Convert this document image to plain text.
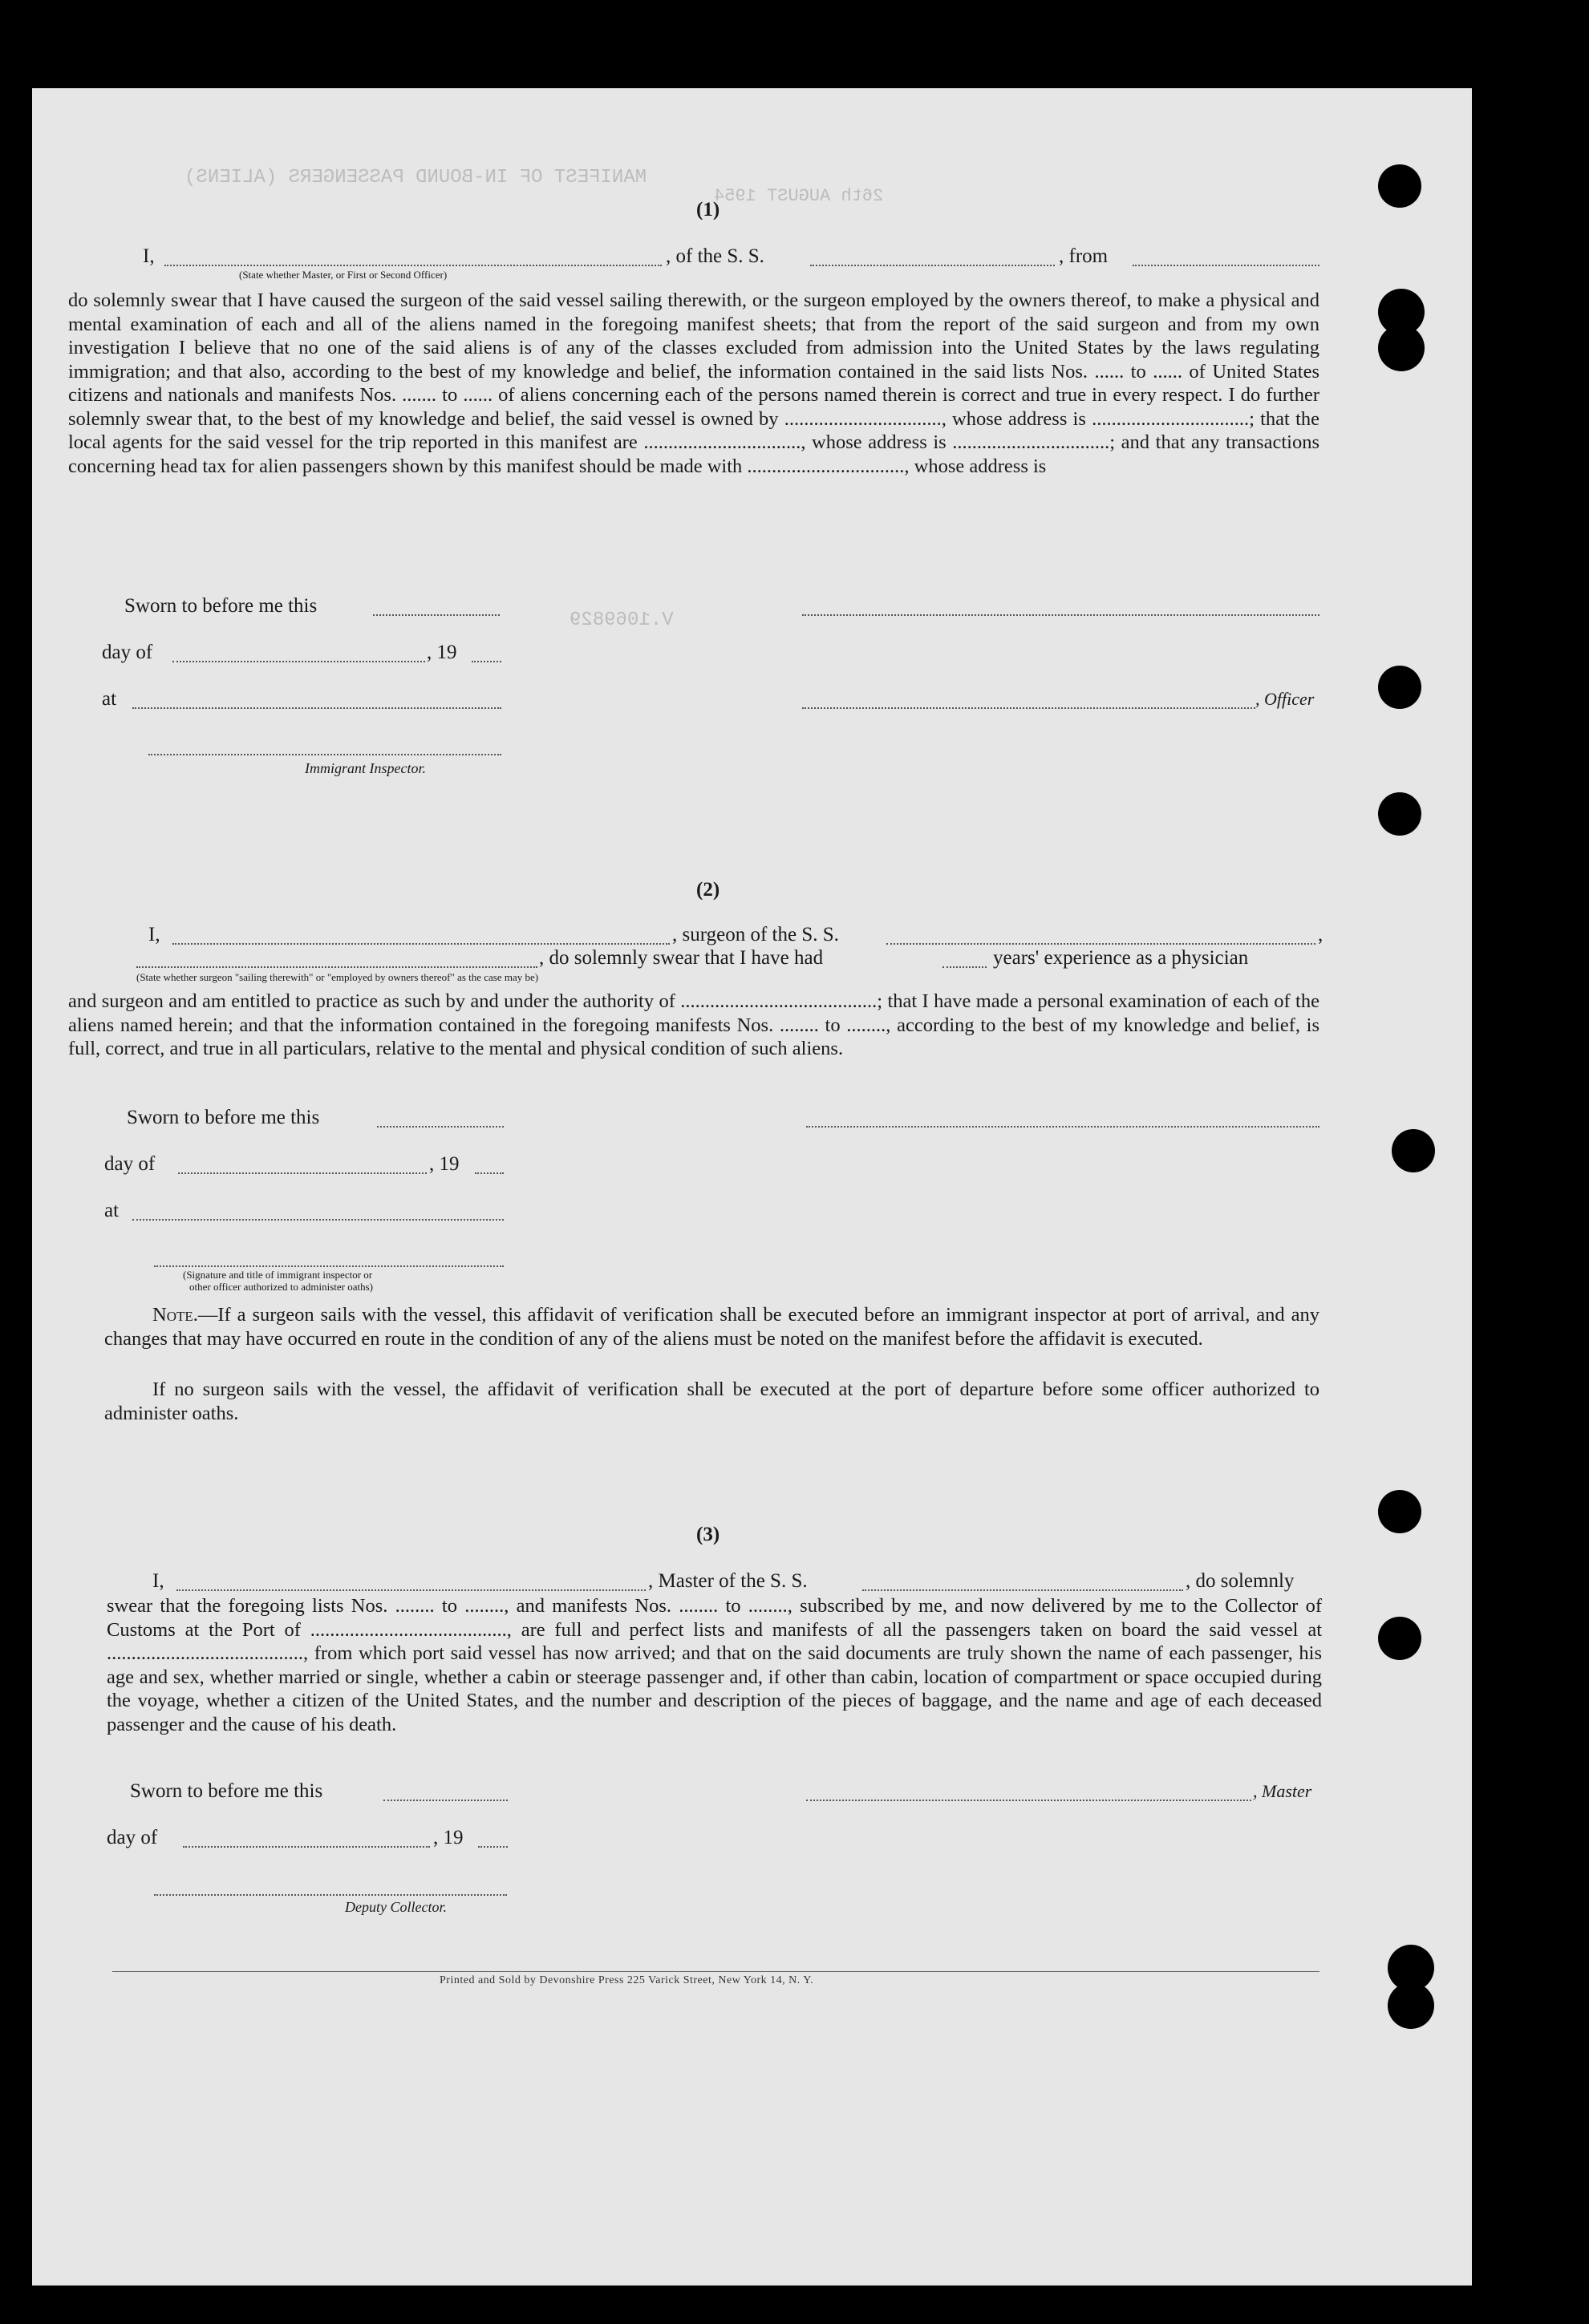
MANIFEST OF IN-BOUND PASSENGERS (ALIENS)
26th AUGUST 1954
V.1069829
(1)
I,	, of the S. S.	, from
(State whether Master, or First or Second Officer)
do solemnly swear that I have caused the surgeon of the said vessel sailing therewith, or the surgeon employed by the owners thereof, to make a physical and mental examination of each and all of the aliens named in the foregoing manifest sheets; that from the report of the said surgeon and from my own investigation I believe that no one of the said aliens is of any of the classes excluded from admission into the United States by the laws regulating immigration; and that also, according to the best of my knowledge and belief, the information contained in the said lists Nos. ...... to ...... of United States citizens and nationals and manifests Nos. ....... to ...... of aliens concerning each of the persons named therein is correct and true in every respect. I do further solemnly swear that, to the best of my knowledge and belief, the said vessel is owned by ................................, whose address is ................................; that the local agents for the said vessel for the trip reported in this manifest are ................................, whose address is ................................; and that any transactions concerning head tax for alien passengers shown by this manifest should be made with ................................, whose address is
Sworn to before me this
day of	, 19
at	, Officer
Immigrant Inspector.
(2)
I,	, surgeon of the S. S.	,
, do solemnly swear that I have had	years' experience as a physician
(State whether surgeon "sailing therewith" or "employed by owners thereof" as the case may be)
and surgeon and am entitled to practice as such by and under the authority of ........................................; that I have made a personal examination of each of the aliens named herein; and that the information contained in the foregoing manifests Nos. ........ to ........, according to the best of my knowledge and belief, is full, correct, and true in all particulars, relative to the mental and physical condition of such aliens.
Sworn to before me this
day of	, 19
at
(Signature and title of immigrant inspector or
other officer authorized to administer oaths)
Note.—If a surgeon sails with the vessel, this affidavit of verification shall be executed before an immigrant inspector at port of arrival, and any changes that may have occurred en route in the condition of any of the aliens must be noted on the manifest before the affidavit is executed.
If no surgeon sails with the vessel, the affidavit of verification shall be executed at the port of departure before some officer authorized to administer oaths.
(3)
I,	, Master of the S. S.	, do solemnly
swear that the foregoing lists Nos. ........ to ........, and manifests Nos. ........ to ........, subscribed by me, and now delivered by me to the Collector of Customs at the Port of ........................................, are full and perfect lists and manifests of all the passengers taken on board the said vessel at ........................................, from which port said vessel has now arrived; and that on the said documents are truly shown the name of each passenger, his age and sex, whether married or single, whether a cabin or steerage passenger and, if other than cabin, location of compartment or space occupied during the voyage, whether a citizen of the United States, and the number and description of the pieces of baggage, and the name and age of each deceased passenger and the cause of his death.
Sworn to before me this	, Master
day of	, 19
Deputy Collector.
Printed and Sold by Devonshire Press 225 Varick Street, New York 14, N. Y.
